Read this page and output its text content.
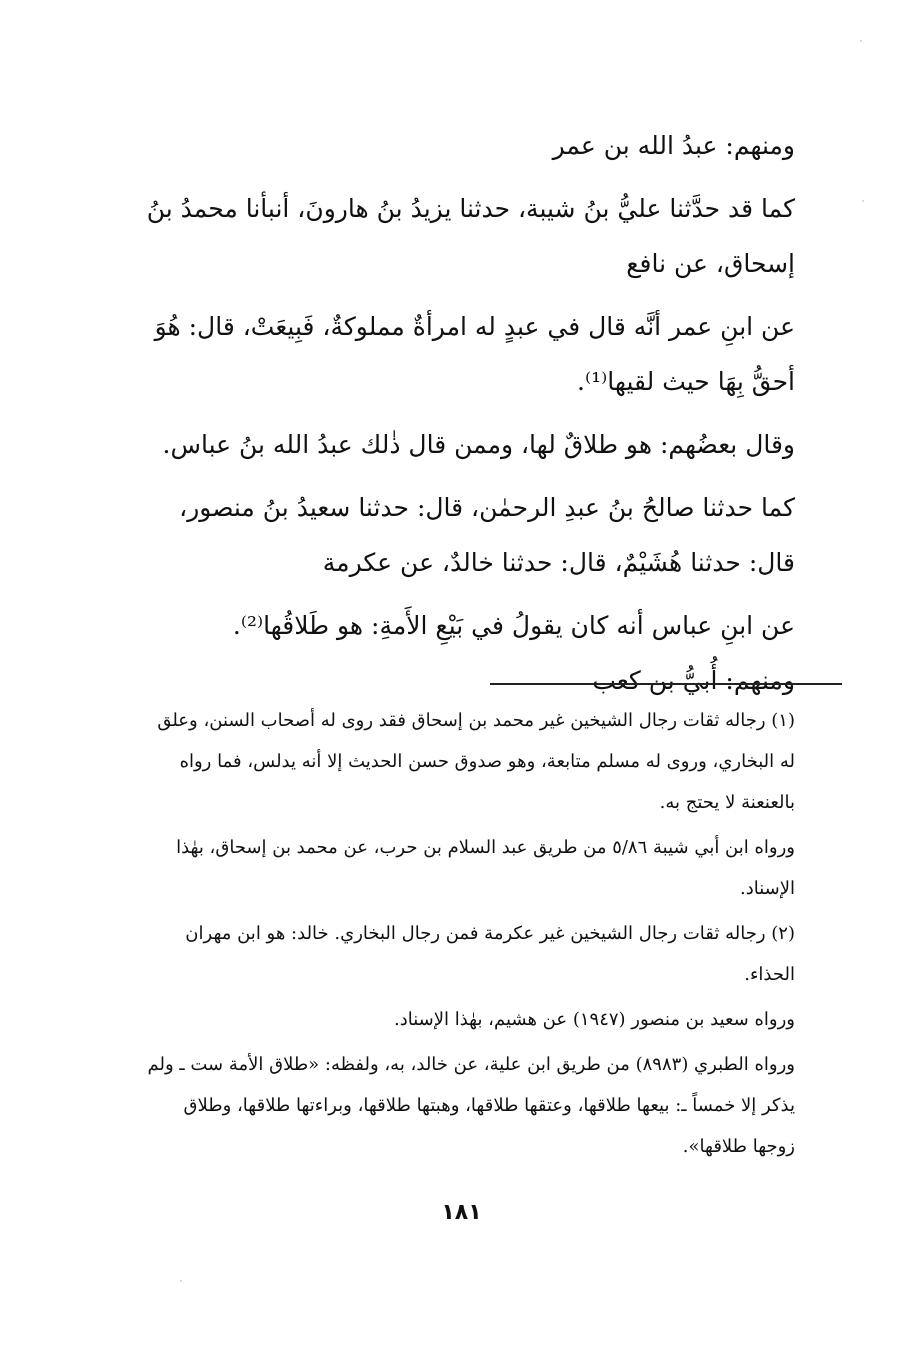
ومنهم: عبدُ الله بن عمر

كما قد حدَّثنا عليُّ بنُ شيبة، حدثنا يزيدُ بنُ هارونَ، أنبأنا محمدُ بنُ إسحاق، عن نافع

عن ابنِ عمر أنَّه قال في عبدٍ له امرأةٌ مملوكةٌ، فَبِيعَتْ، قال: هُوَ أحقُّ بِهَا حيث لقيها⁽¹⁾.

وقال بعضُهم: هو طلاقٌ لها، وممن قال ذٰلك عبدُ الله بنُ عباس.

كما حدثنا صالحُ بنُ عبدِ الرحمٰن، قال: حدثنا سعيدُ بنُ منصور، قال: حدثنا هُشَيْمٌ، قال: حدثنا خالدٌ، عن عكرمة

عن ابنِ عباس أنه كان يقولُ في بَيْعِ الأَمةِ: هو طَلاقُها⁽²⁾.

ومنهم: أُبيُّ بن كعب

(١) رجاله ثقات رجال الشيخين غير محمد بن إسحاق فقد روى له أصحاب السنن، وعلق له البخاري، وروى له مسلم متابعة، وهو صدوق حسن الحديث إلا أنه يدلس، فما رواه بالعنعنة لا يحتج به.

ورواه ابن أبي شيبة ٥/٨٦ من طريق عبد السلام بن حرب، عن محمد بن إسحاق، بهٰذا الإسناد.

(٢) رجاله ثقات رجال الشيخين غير عكرمة فمن رجال البخاري. خالد: هو ابن مهران الحذاء.

ورواه سعيد بن منصور (١٩٤٧) عن هشيم، بهٰذا الإسناد.

ورواه الطبري (٨٩٨٣) من طريق ابن علية، عن خالد، به، ولفظه: «طلاق الأمة ست ـ ولم يذكر إلا خمساً ـ: بيعها طلاقها، وعتقها طلاقها، وهبتها طلاقها، وبراءتها طلاقها، وطلاق زوجها طلاقها».

١٨١
